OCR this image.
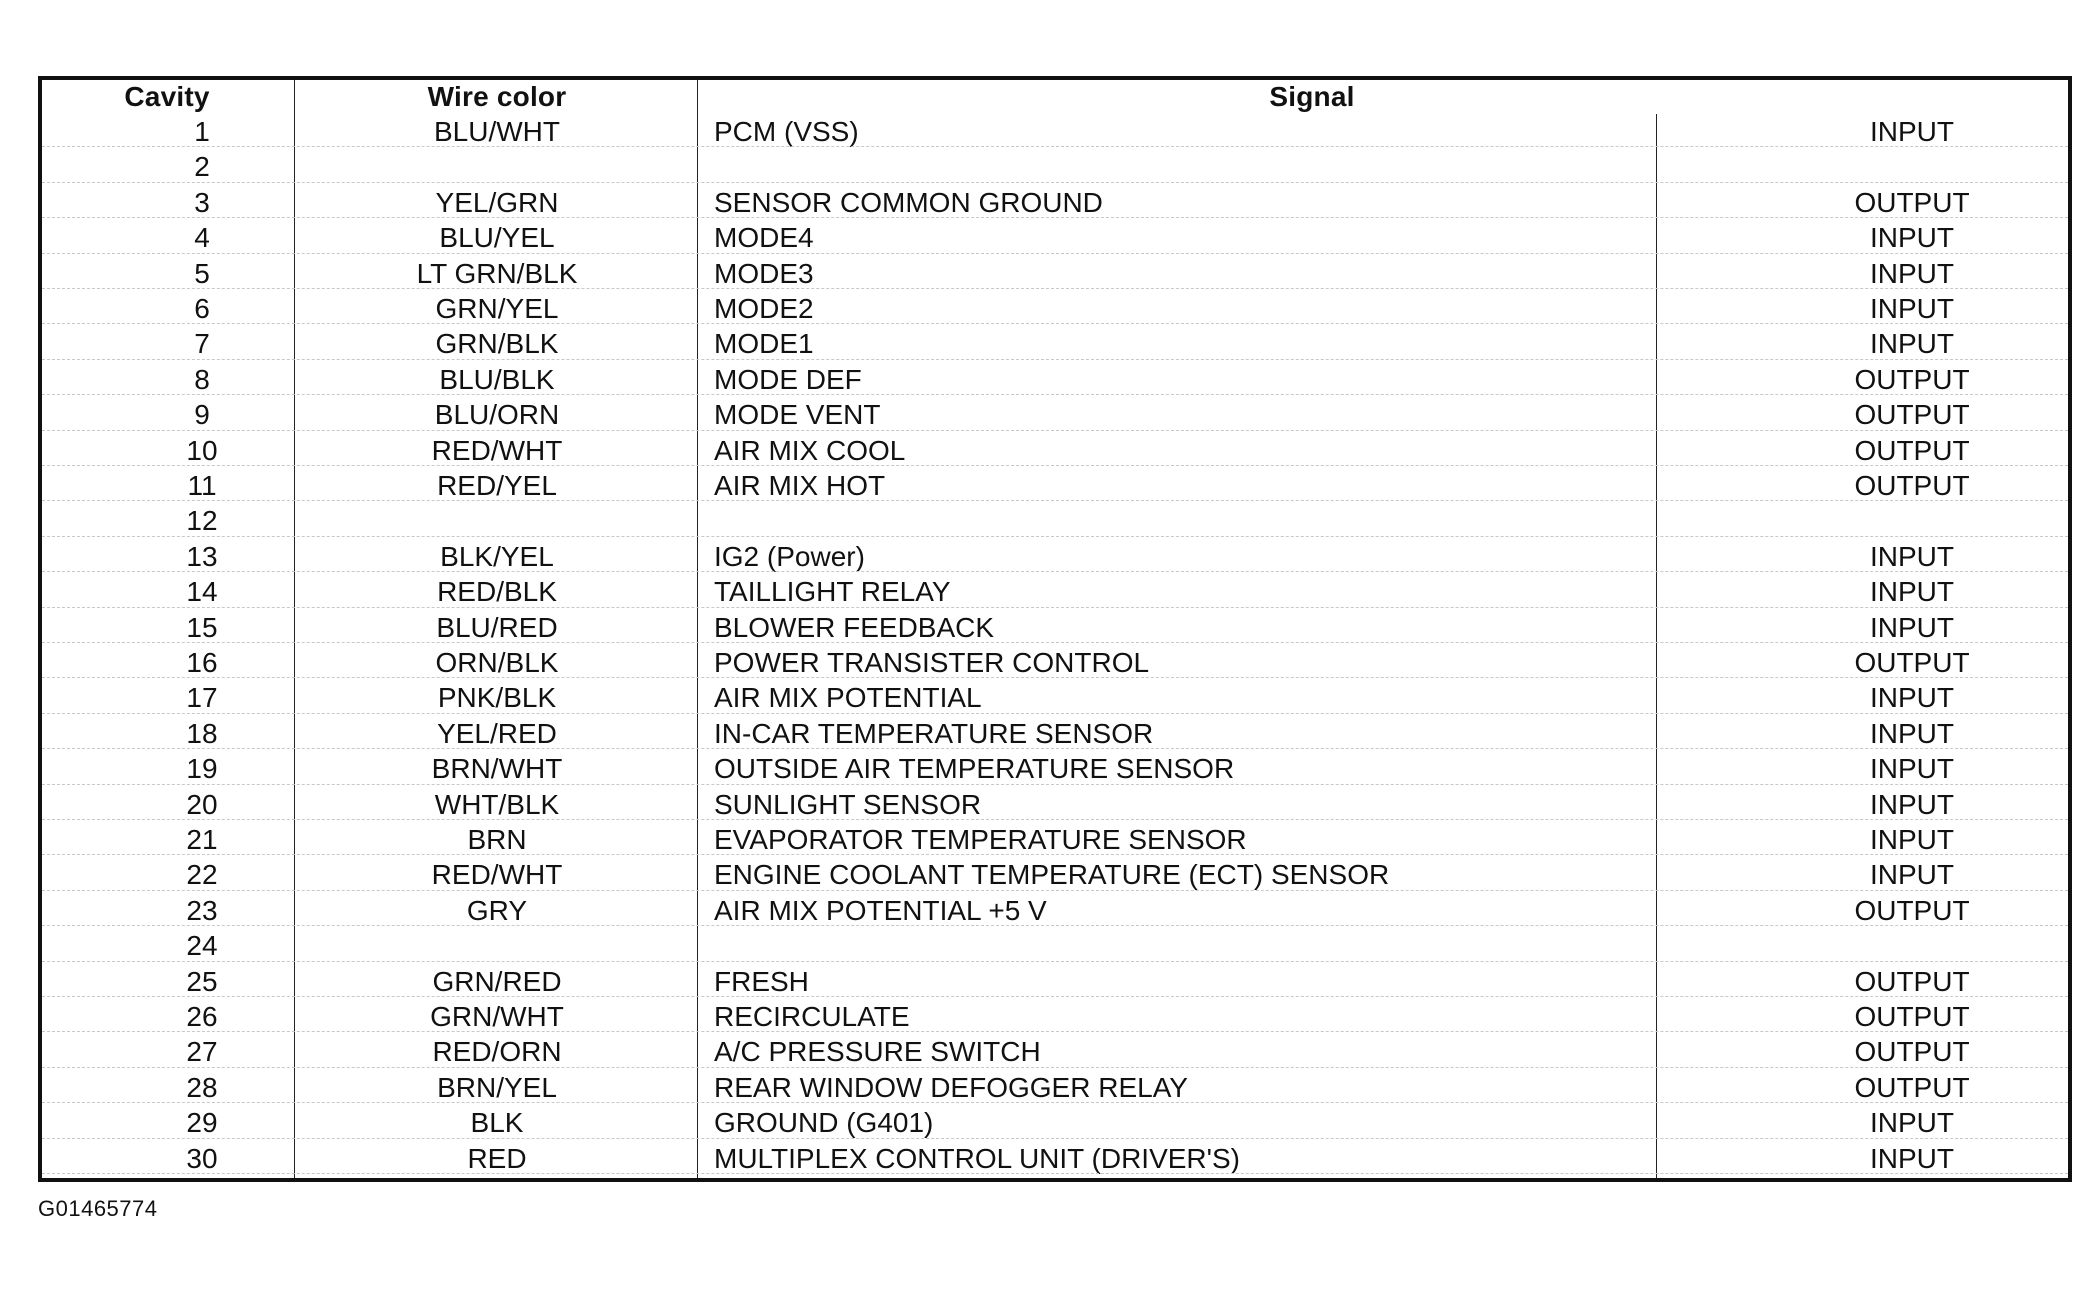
Cavity	Wire color	Signal
1	BLU/WHT	PCM (VSS)	INPUT
2
3	YEL/GRN	SENSOR COMMON GROUND	OUTPUT
4	BLU/YEL	MODE4	INPUT
5	LT GRN/BLK	MODE3	INPUT
6	GRN/YEL	MODE2	INPUT
7	GRN/BLK	MODE1	INPUT
8	BLU/BLK	MODE DEF	OUTPUT
9	BLU/ORN	MODE VENT	OUTPUT
10	RED/WHT	AIR MIX COOL	OUTPUT
11	RED/YEL	AIR MIX HOT	OUTPUT
12
13	BLK/YEL	IG2 (Power)	INPUT
14	RED/BLK	TAILLIGHT RELAY	INPUT
15	BLU/RED	BLOWER FEEDBACK	INPUT
16	ORN/BLK	POWER TRANSISTER CONTROL	OUTPUT
17	PNK/BLK	AIR MIX POTENTIAL	INPUT
18	YEL/RED	IN-CAR TEMPERATURE SENSOR	INPUT
19	BRN/WHT	OUTSIDE AIR TEMPERATURE SENSOR	INPUT
20	WHT/BLK	SUNLIGHT SENSOR	INPUT
21	BRN	EVAPORATOR TEMPERATURE SENSOR	INPUT
22	RED/WHT	ENGINE COOLANT TEMPERATURE (ECT) SENSOR	INPUT
23	GRY	AIR MIX POTENTIAL +5 V	OUTPUT
24
25	GRN/RED	FRESH	OUTPUT
26	GRN/WHT	RECIRCULATE	OUTPUT
27	RED/ORN	A/C PRESSURE SWITCH	OUTPUT
28	BRN/YEL	REAR WINDOW DEFOGGER RELAY	OUTPUT
29	BLK	GROUND (G401)	INPUT
30	RED	MULTIPLEX CONTROL UNIT (DRIVER'S)	INPUT
G01465774
